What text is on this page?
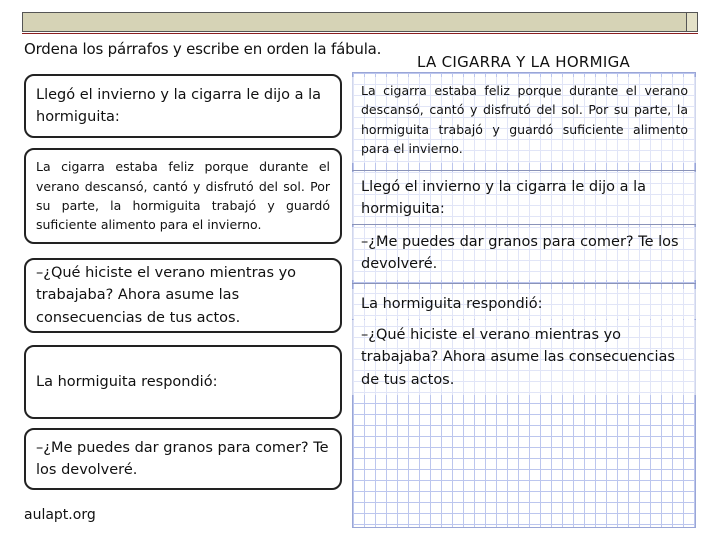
Ordena los párrafos y escribe en orden la fábula.
Llegó el invierno y la cigarra le dijo a la hormiguita:
La cigarra estaba feliz porque durante el verano descansó, cantó y disfrutó del sol. Por su parte, la hormiguita trabajó y guardó suficiente alimento para el invierno.
–¿Qué hiciste el verano mientras yo trabajaba? Ahora asume las consecuencias de tus actos.
La hormiguita respondió:
–¿Me puedes dar granos para comer? Te los devolveré.
aulapt.org
LA CIGARRA Y LA HORMIGA
La cigarra estaba feliz porque durante el verano descansó, cantó y disfrutó del sol. Por su parte, la hormiguita trabajó y guardó suficiente alimento para el invierno.
Llegó el invierno y la cigarra le dijo a la hormiguita:
–¿Me puedes dar granos para comer? Te los devolveré.
La hormiguita respondió:
–¿Qué hiciste el verano mientras yo trabajaba? Ahora asume las consecuencias de tus actos.
